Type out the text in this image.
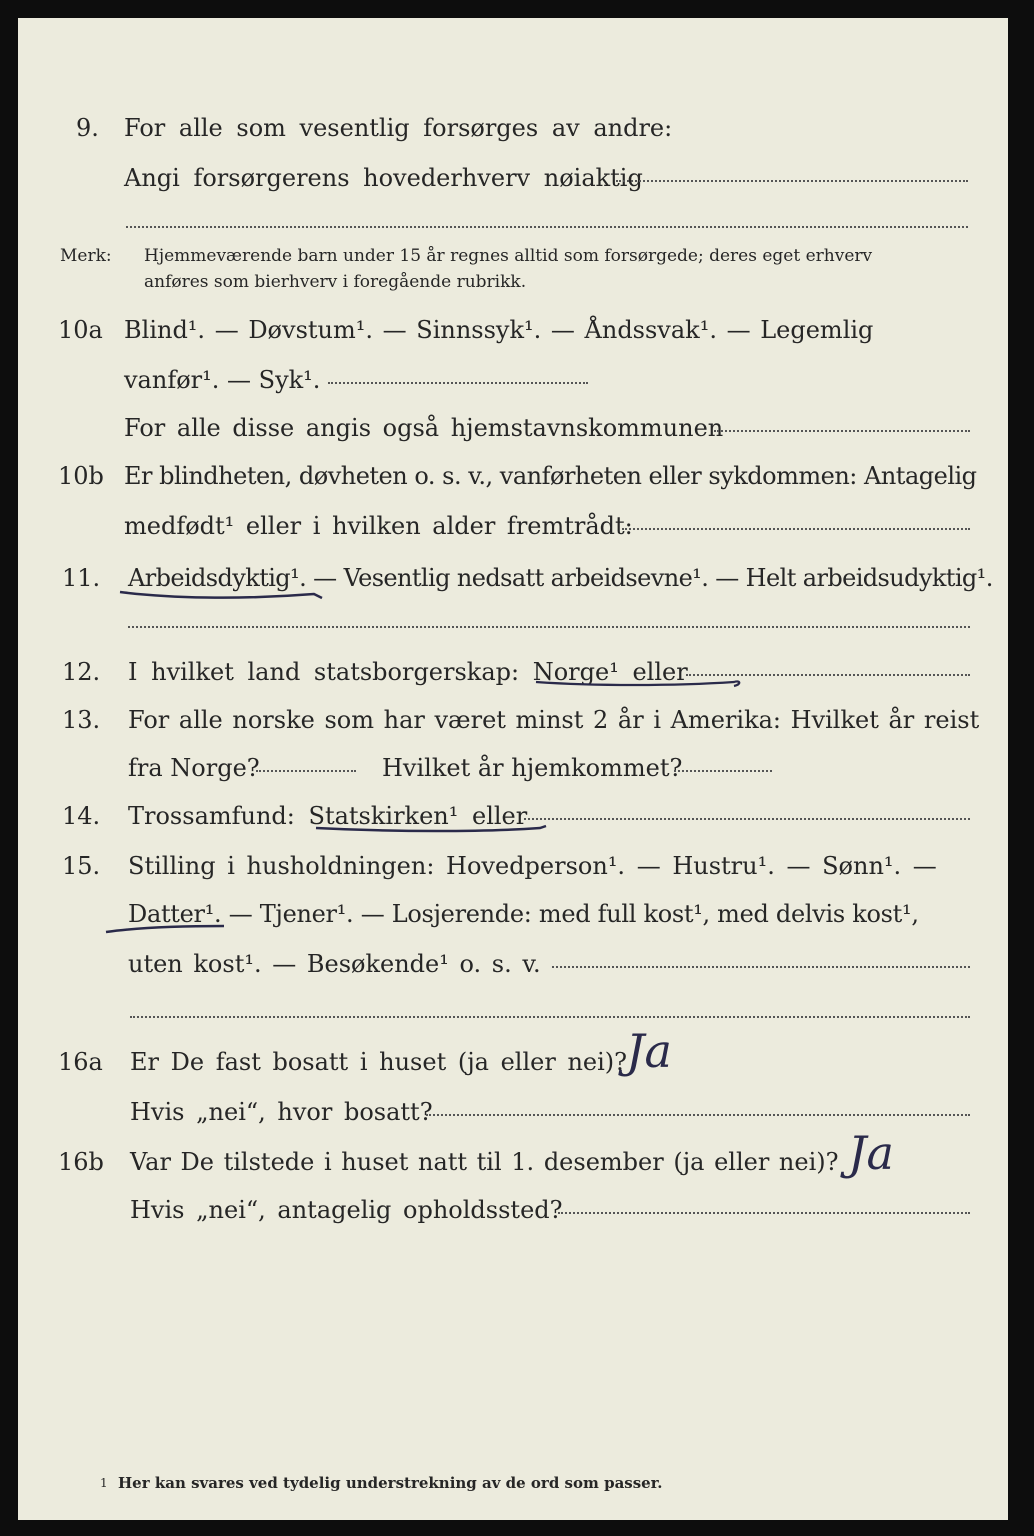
9. For alle som vesentlig forsørges av andre:
Angi forsørgerens hovederhverv nøiaktig
Merk: Hjemmeværende barn under 15 år regnes alltid som forsørgede; deres eget erhverv
anføres som bierhverv i foregående rubrikk.
10a Blind¹. — Døvstum¹. — Sinnssyk¹. — Åndssvak¹. — Legemlig
vanfør¹. — Syk¹.
For alle disse angis også hjemstavnskommunen
10b Er blindheten, døvheten o. s. v., vanførheten eller sykdommen: Antagelig
medfødt¹ eller i hvilken alder fremtrådt:
11. Arbeidsdyktig¹. — Vesentlig nedsatt arbeidsevne¹. — Helt arbeidsudyktig¹.
12. I hvilket land statsborgerskap: Norge¹ eller
13. For alle norske som har været minst 2 år i Amerika: Hvilket år reist
fra Norge?	Hvilket år hjemkommet?
14. Trossamfund: Statskirken¹ eller
15. Stilling i husholdningen: Hovedperson¹. — Hustru¹. — Sønn¹. —
Datter¹. — Tjener¹. — Losjerende: med full kost¹, med delvis kost¹,
uten kost¹. — Besøkende¹ o. s. v.
16a Er De fast bosatt i huset (ja eller nei)?
Ja
Hvis „nei“, hvor bosatt?
16b Var De tilstede i huset natt til 1. desember (ja eller nei)? Ja
Hvis „nei“, antagelig opholdssted?
1 Her kan svares ved tydelig understrekning av de ord som passer.
